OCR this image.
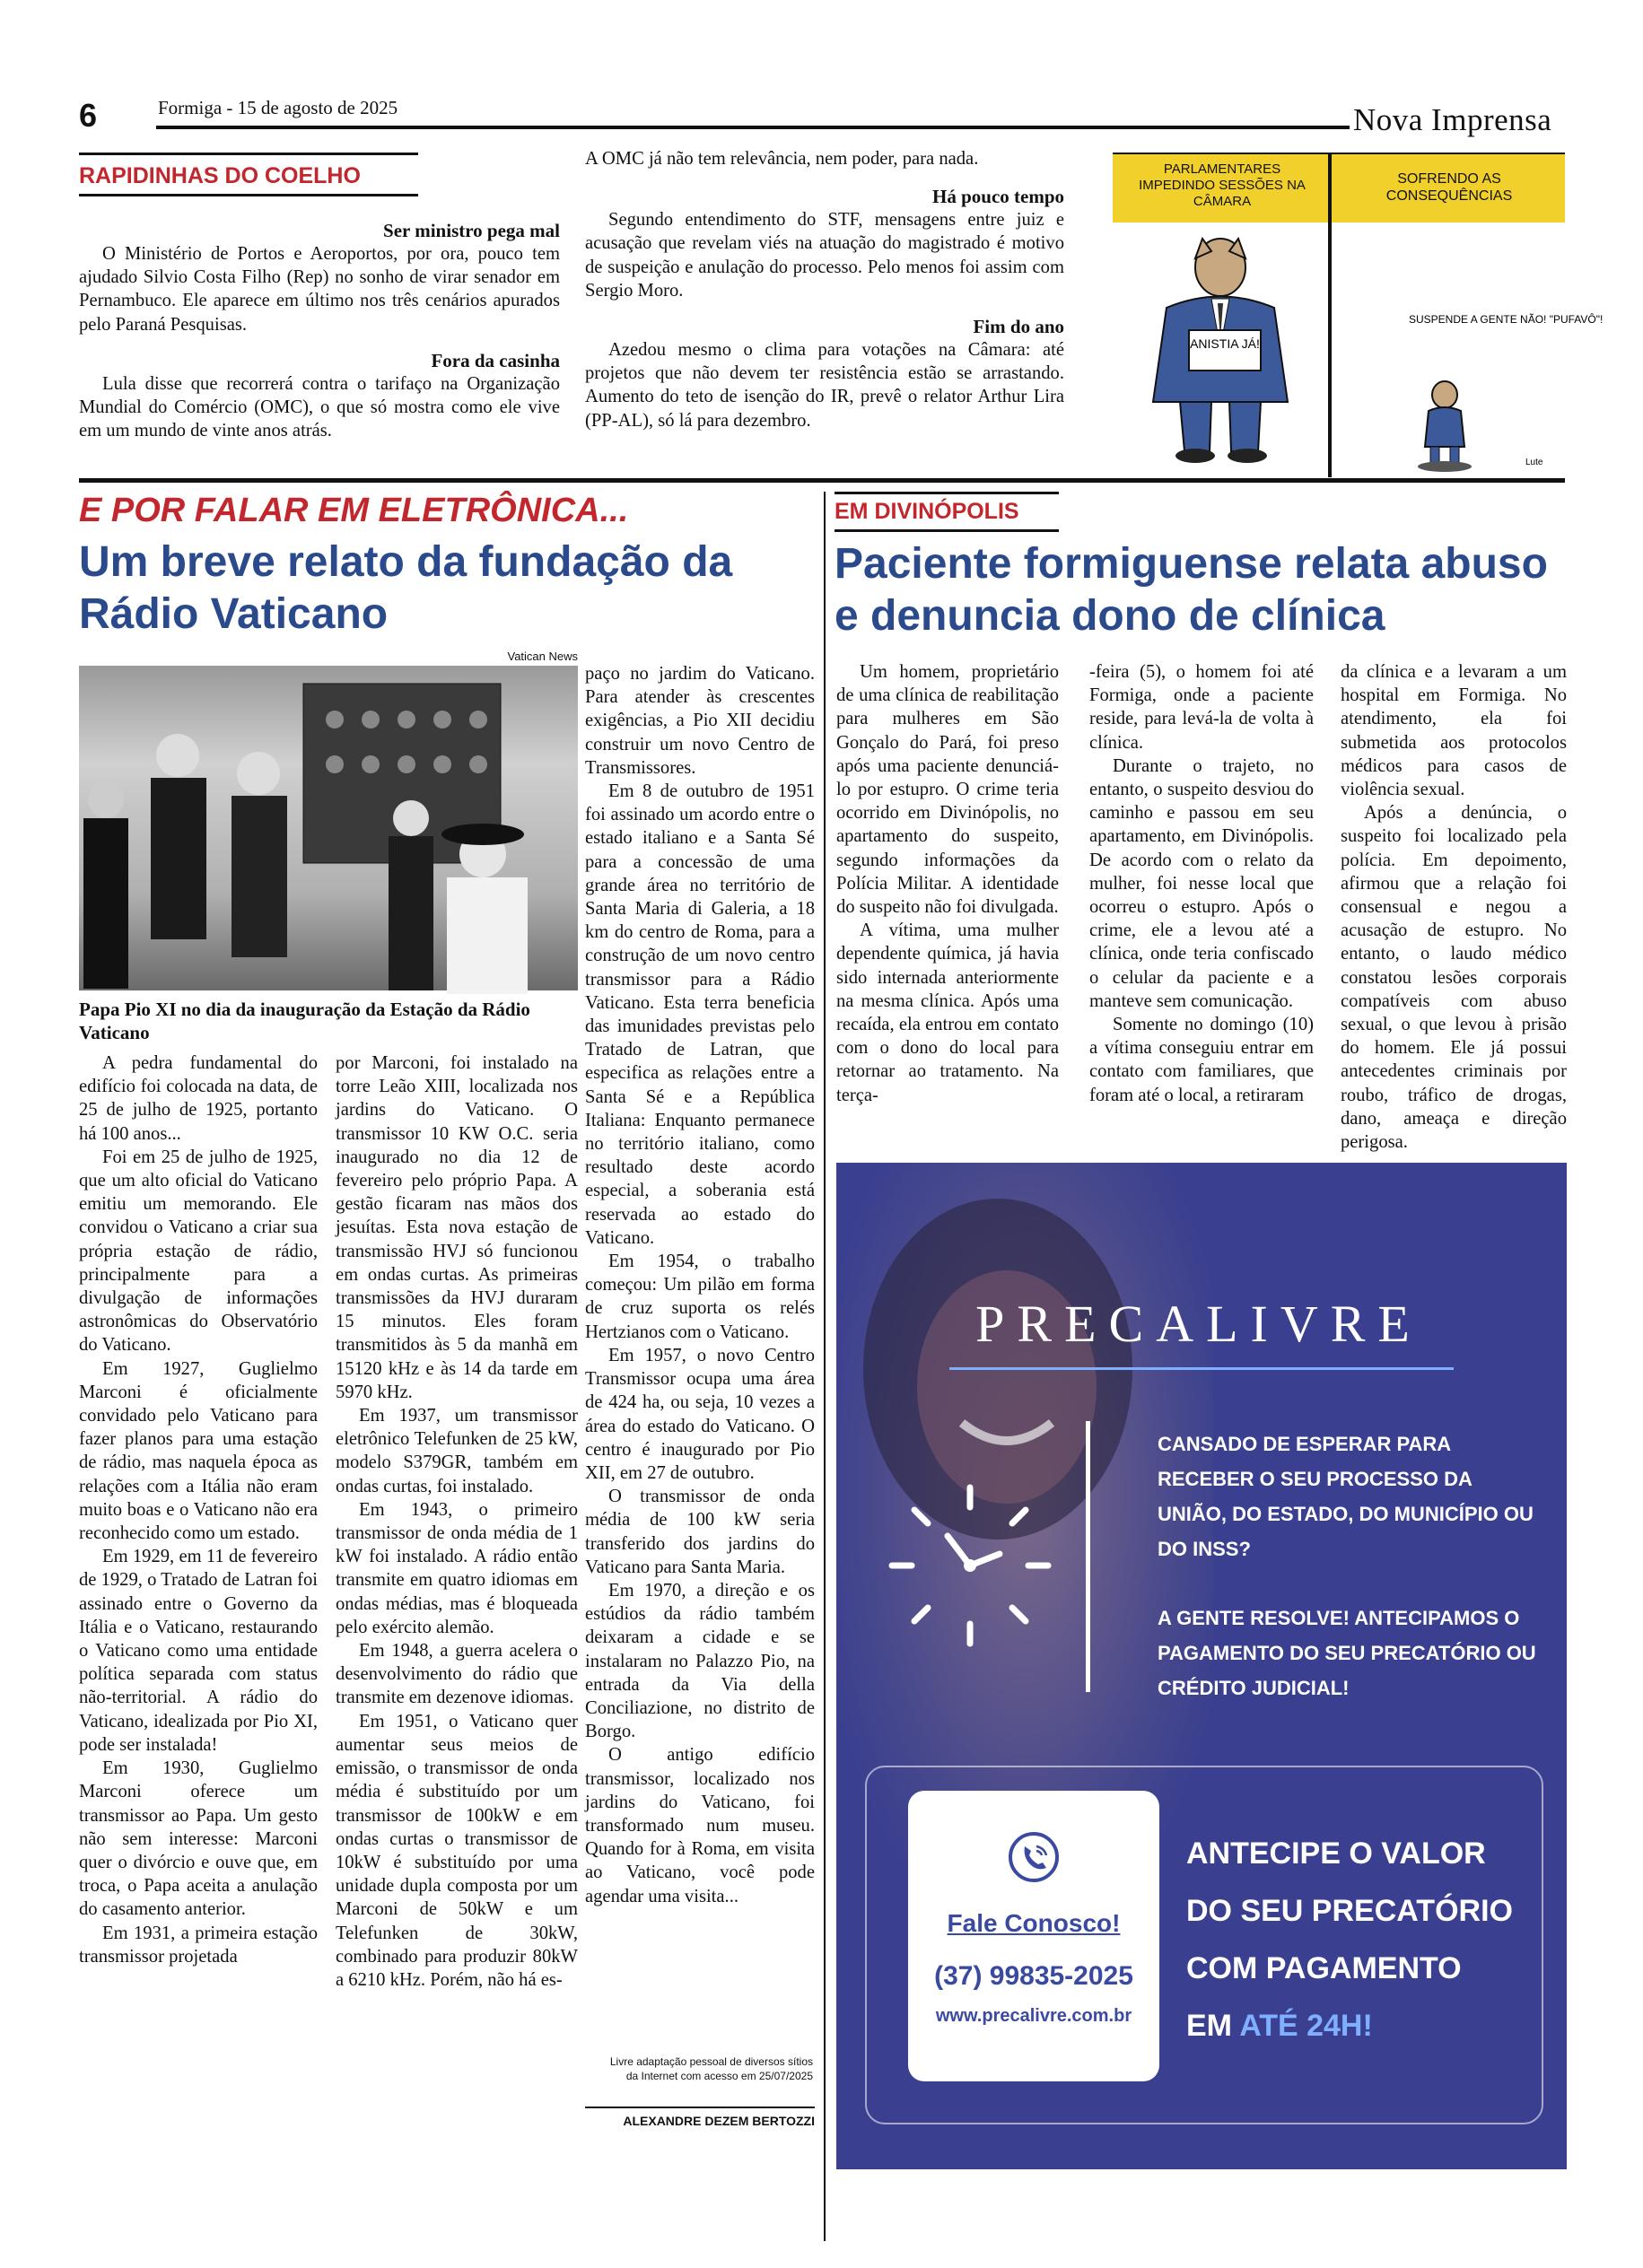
6	Formiga - 15 de agosto de 2025	Nova Imprensa
RAPIDINHAS DO COELHO
Ser ministro pega mal

O Ministério de Portos e Aeroportos, por ora, pouco tem ajudado Silvio Costa Filho (Rep) no sonho de virar senador em Pernambuco. Ele aparece em último nos três cenários apurados pelo Paraná Pesquisas.

Fora da casinha

Lula disse que recorrerá contra o tarifaço na Organização Mundial do Comércio (OMC), o que só mostra como ele vive em um mundo de vinte anos atrás.

A OMC já não tem relevância, nem poder, para nada.

Há pouco tempo

Segundo entendimento do STF, mensagens entre juiz e acusação que revelam viés na atuação do magistrado é motivo de suspeição e anulação do processo. Pelo menos foi assim com Sergio Moro.

Fim do ano

Azedou mesmo o clima para votações na Câmara: até projetos que não devem ter resistência estão se arrastando. Aumento do teto de isenção do IR, prevê o relator Arthur Lira (PP-AL), só lá para dezembro.

PARLAMENTARES IMPEDINDO SESSÕES NA CÂMARA
SOFRENDO AS CONSEQUÊNCIAS
ANISTIA JÁ!
SUSPENDE A GENTE NÃO! "PUFAVÔ"!
Lute
E POR FALAR EM ELETRÔNICA...
Um breve relato da fundação da Rádio Vaticano
Vatican News
Papa Pio XI no dia da inauguração da Estação da Rádio Vaticano

A pedra fundamental do edifício foi colocada na data, de 25 de julho de 1925, portanto há 100 anos...

Foi em 25 de julho de 1925, que um alto oficial do Vaticano emitiu um memorando. Ele convidou o Vaticano a criar sua própria estação de rádio, principalmente para a divulgação de informações astronômicas do Observatório do Vaticano.

Em 1927, Guglielmo Marconi é oficialmente convidado pelo Vaticano para fazer planos para uma estação de rádio, mas naquela época as relações com a Itália não eram muito boas e o Vaticano não era reconhecido como um estado.

Em 1929, em 11 de fevereiro de 1929, o Tratado de Latran foi assinado entre o Governo da Itália e o Vaticano, restaurando o Vaticano como uma entidade política separada com status não-territorial. A rádio do Vaticano, idealizada por Pio XI, pode ser instalada!

Em 1930, Guglielmo Marconi oferece um transmissor ao Papa. Um gesto não sem interesse: Marconi quer o divórcio e ouve que, em troca, o Papa aceita a anulação do casamento anterior.

Em 1931, a primeira estação transmissor projetada

por Marconi, foi instalado na torre Leão XIII, localizada nos jardins do Vaticano. O transmissor 10 KW O.C. seria inaugurado no dia 12 de fevereiro pelo próprio Papa. A gestão ficaram nas mãos dos jesuítas. Esta nova estação de transmissão HVJ só funcionou em ondas curtas. As primeiras transmissões da HVJ duraram 15 minutos. Eles foram transmitidos às 5 da manhã em 15120 kHz e às 14 da tarde em 5970 kHz.

Em 1937, um transmissor eletrônico Telefunken de 25 kW, modelo S379GR, também em ondas curtas, foi instalado.

Em 1943, o primeiro transmissor de onda média de 1 kW foi instalado. A rádio então transmite em quatro idiomas em ondas médias, mas é bloqueada pelo exército alemão.

Em 1948, a guerra acelera o desenvolvimento do rádio que transmite em dezenove idiomas.

Em 1951, o Vaticano quer aumentar seus meios de emissão, o transmissor de onda média é substituído por um transmissor de 100kW e em ondas curtas o transmissor de 10kW é substituído por uma unidade dupla composta por um Marconi de 50kW e um Telefunken de 30kW, combinado para produzir 80kW a 6210 kHz. Porém, não há es-

paço no jardim do Vaticano. Para atender às crescentes exigências, a Pio XII decidiu construir um novo Centro de Transmissores.

Em 8 de outubro de 1951 foi assinado um acordo entre o estado italiano e a Santa Sé para a concessão de uma grande área no território de Santa Maria di Galeria, a 18 km do centro de Roma, para a construção de um novo centro transmissor para a Rádio Vaticano. Esta terra beneficia das imunidades previstas pelo Tratado de Latran, que especifica as relações entre a Santa Sé e a República Italiana: Enquanto permanece no território italiano, como resultado deste acordo especial, a soberania está reservada ao estado do Vaticano.

Em 1954, o trabalho começou: Um pilão em forma de cruz suporta os relés Hertzianos com o Vaticano.

Em 1957, o novo Centro Transmissor ocupa uma área de 424 ha, ou seja, 10 vezes a área do estado do Vaticano. O centro é inaugurado por Pio XII, em 27 de outubro.

O transmissor de onda média de 100 kW seria transferido dos jardins do Vaticano para Santa Maria.

Em 1970, a direção e os estúdios da rádio também deixaram a cidade e se instalaram no Palazzo Pio, na entrada da Via della Conciliazione, no distrito de Borgo.

O antigo edifício transmissor, localizado nos jardins do Vaticano, foi transformado num museu. Quando for à Roma, em visita ao Vaticano, você pode agendar uma visita...

Livre adaptação pessoal de diversos sítios da Internet com acesso em 25/07/2025
ALEXANDRE DEZEM BERTOZZI
EM DIVINÓPOLIS
Paciente formiguense relata abuso e denuncia dono de clínica

Um homem, proprietário de uma clínica de reabilitação para mulheres em São Gonçalo do Pará, foi preso após uma paciente denunciá-lo por estupro. O crime teria ocorrido em Divinópolis, no apartamento do suspeito, segundo informações da Polícia Militar. A identidade do suspeito não foi divulgada.

A vítima, uma mulher dependente química, já havia sido internada anteriormente na mesma clínica. Após uma recaída, ela entrou em contato com o dono do local para retornar ao tratamento. Na terça-

-feira (5), o homem foi até Formiga, onde a paciente reside, para levá-la de volta à clínica.

Durante o trajeto, no entanto, o suspeito desviou do caminho e passou em seu apartamento, em Divinópolis. De acordo com o relato da mulher, foi nesse local que ocorreu o estupro. Após o crime, ele a levou até a clínica, onde teria confiscado o celular da paciente e a manteve sem comunicação.

Somente no domingo (10) a vítima conseguiu entrar em contato com familiares, que foram até o local, a retiraram

da clínica e a levaram a um hospital em Formiga. No atendimento, ela foi submetida aos protocolos médicos para casos de violência sexual.

Após a denúncia, o suspeito foi localizado pela polícia. Em depoimento, afirmou que a relação foi consensual e negou a acusação de estupro. No entanto, o laudo médico constatou lesões corporais compatíveis com abuso sexual, o que levou à prisão do homem. Ele já possui antecedentes criminais por roubo, tráfico de drogas, dano, ameaça e direção perigosa.

PRECALIVRE
CANSADO DE ESPERAR PARA RECEBER O SEU PROCESSO DA UNIÃO, DO ESTADO, DO MUNICÍPIO OU DO INSS?
A GENTE RESOLVE! ANTECIPAMOS O PAGAMENTO DO SEU PRECATÓRIO OU CRÉDITO JUDICIAL!
Fale Conosco!
(37) 99835-2025
www.precalivre.com.br
ANTECIPE O VALOR
DO SEU PRECATÓRIO
COM PAGAMENTO
EM ATÉ 24H!
